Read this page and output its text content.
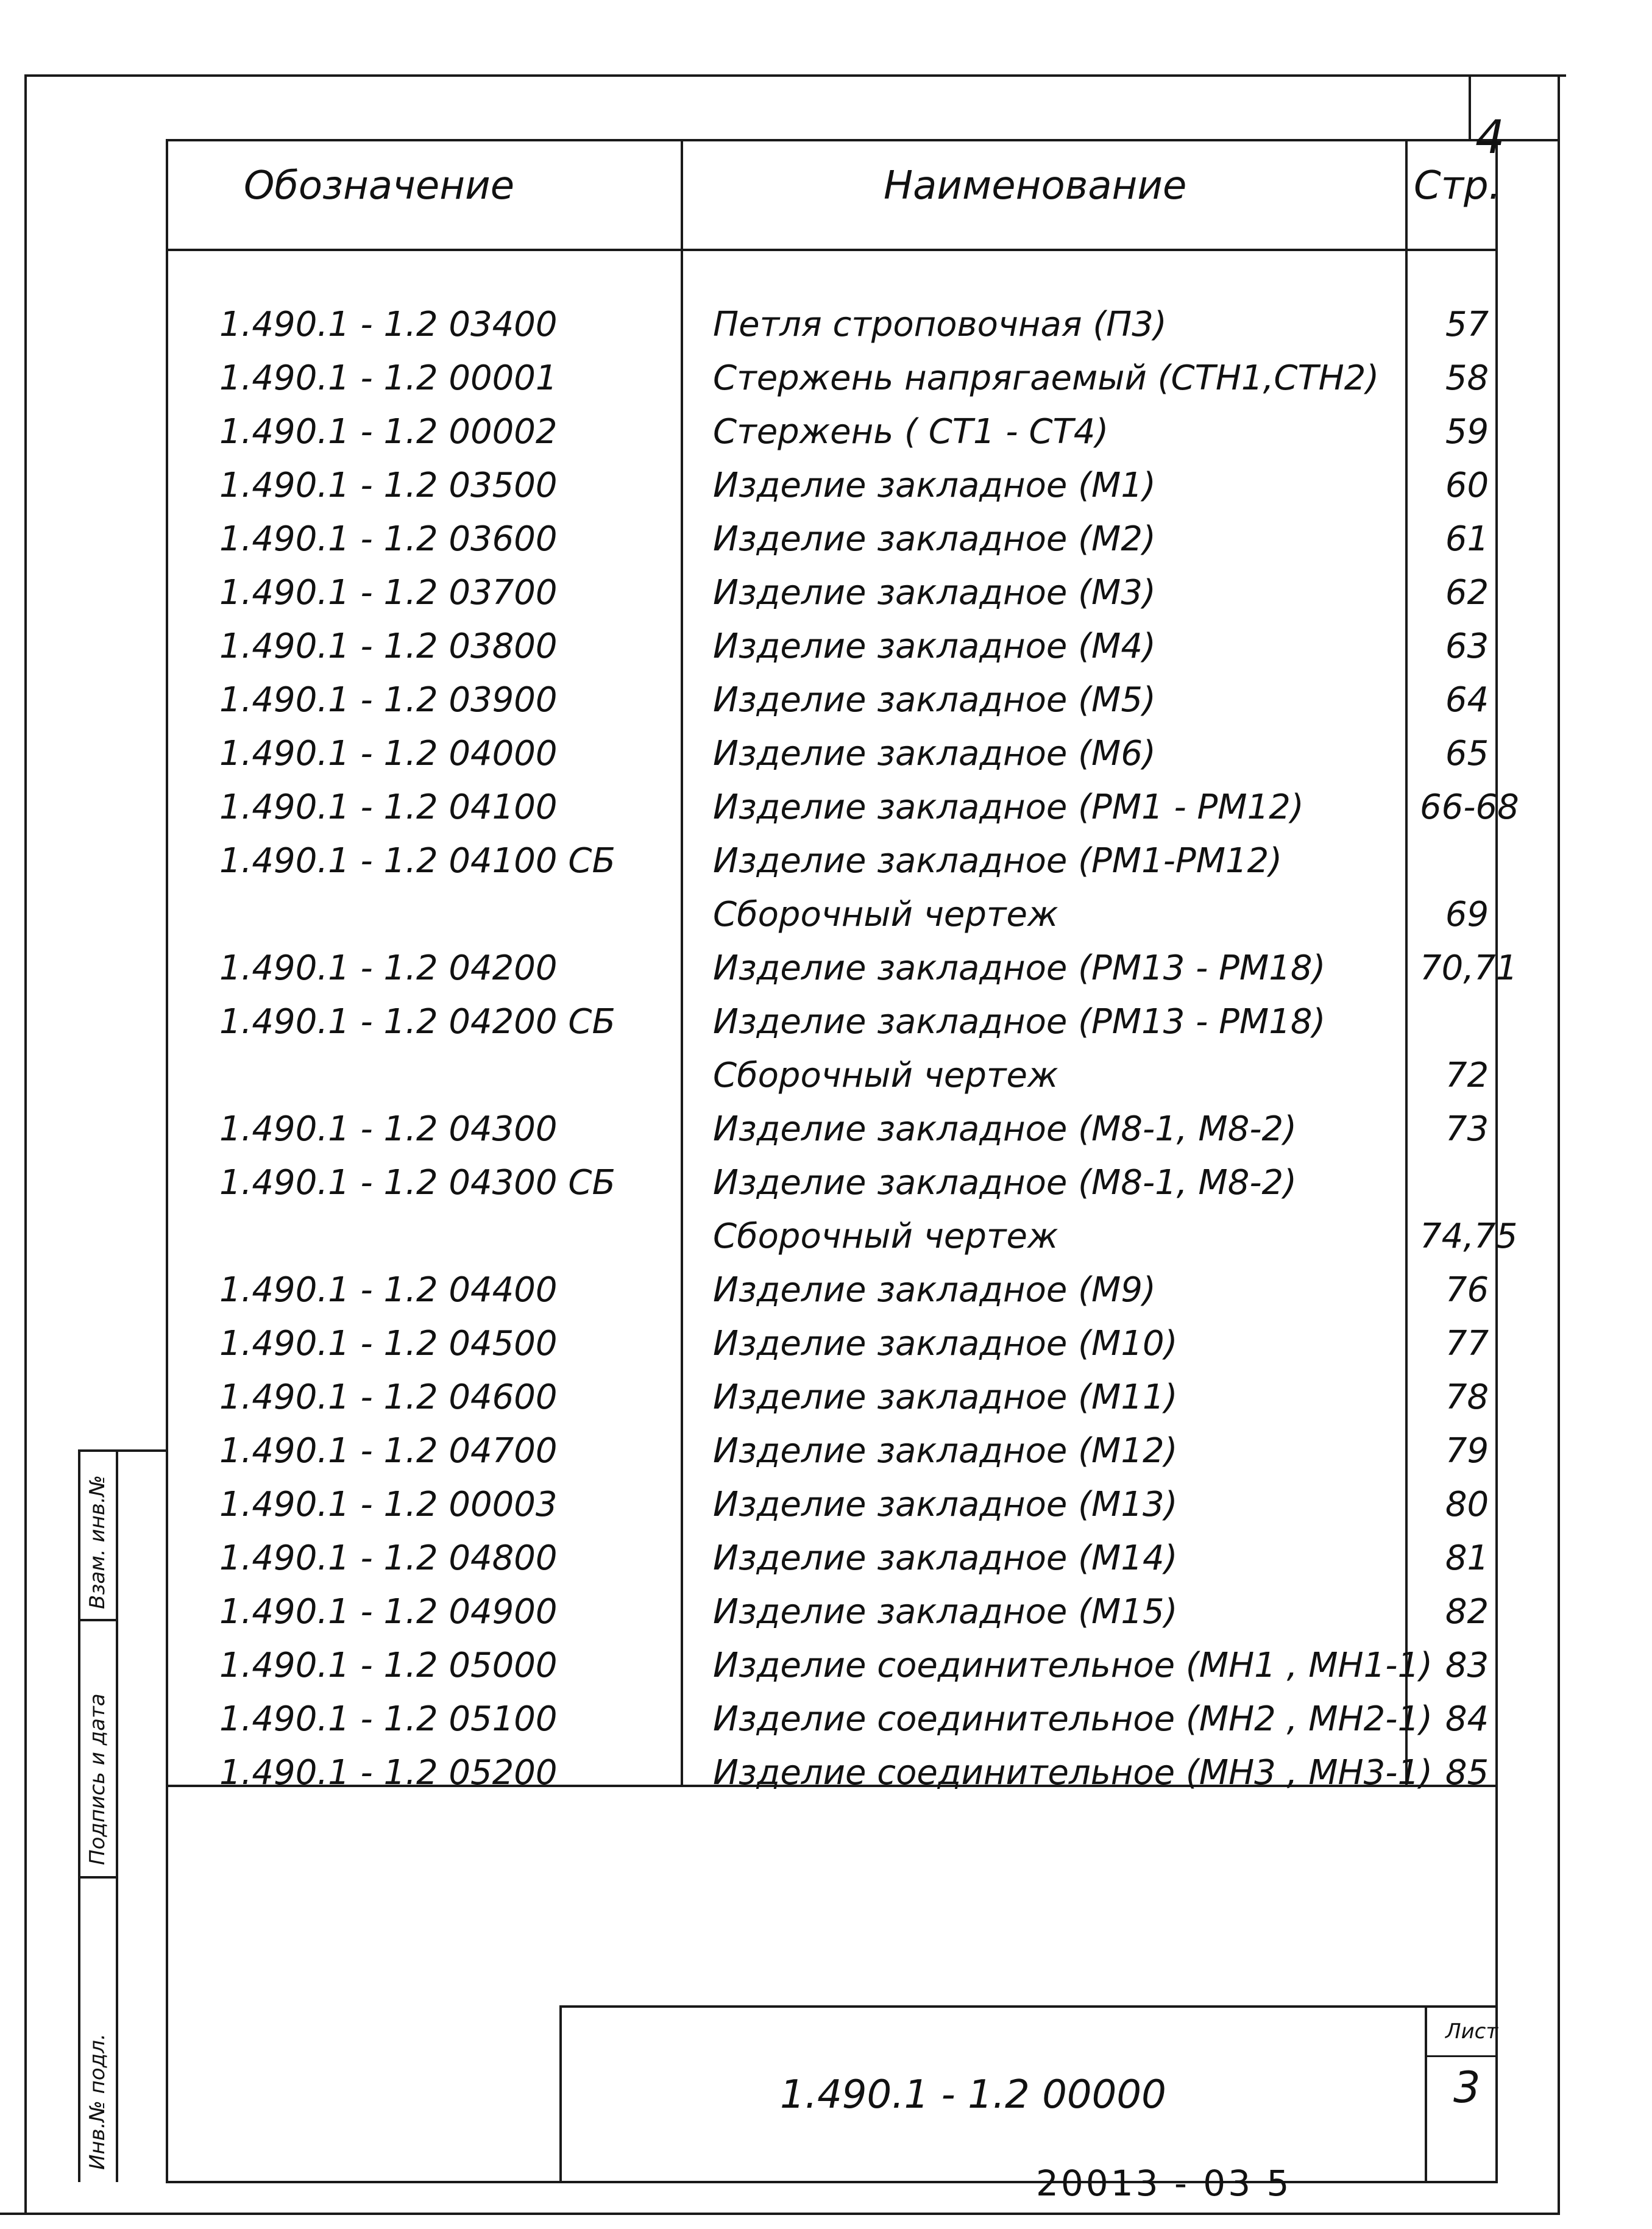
4
Обозначение	Наименование	Стр.
1.490.1 - 1.2 03400	Петля строповочная (П3)	57
1.490.1 - 1.2 00001	Стержень напрягаемый (СТН1,СТН2)	58
1.490.1 - 1.2 00002	Стержень ( СТ1 - СТ4)	59
1.490.1 - 1.2 03500	Изделие закладное (М1)	60
1.490.1 - 1.2 03600	Изделие закладное (М2)	61
1.490.1 - 1.2 03700	Изделие закладное (М3)	62
1.490.1 - 1.2 03800	Изделие закладное (М4)	63
1.490.1 - 1.2 03900	Изделие закладное (М5)	64
1.490.1 - 1.2 04000	Изделие закладное (М6)	65
1.490.1 - 1.2 04100	Изделие закладное (РМ1 - РМ12)	66-68
1.490.1 - 1.2 04100 СБ	Изделие закладное (РМ1-РМ12)
Сборочный чертеж	69
1.490.1 - 1.2 04200	Изделие закладное (РМ13 - РМ18)	70,71
1.490.1 - 1.2 04200 СБ	Изделие закладное (РМ13 - РМ18)
Сборочный чертеж	72
1.490.1 - 1.2 04300	Изделие закладное (М8-1, М8-2)	73
1.490.1 - 1.2 04300 СБ	Изделие закладное (М8-1, М8-2)
Сборочный чертеж	74,75
1.490.1 - 1.2 04400	Изделие закладное (М9)	76
1.490.1 - 1.2 04500	Изделие закладное (М10)	77
1.490.1 - 1.2 04600	Изделие закладное (М11)	78
1.490.1 - 1.2 04700	Изделие закладное (М12)	79
1.490.1 - 1.2 00003	Изделие закладное (М13)	80
1.490.1 - 1.2 04800	Изделие закладное (М14)	81
1.490.1 - 1.2 04900	Изделие закладное (М15)	82
1.490.1 - 1.2 05000	Изделие соединительное (МН1 , МН1-1) 83
1.490.1 - 1.2 05100	Изделие соединительное (МН2 , МН2-1) 84
1.490.1 - 1.2 05200	Изделие соединительное (МН3 , МН3-1) 85
1.490.1 - 1.2 00000
Лист
3
Инв.№ подл.
Подпись и дата
Взам. инв.№
20013 - 03 5
